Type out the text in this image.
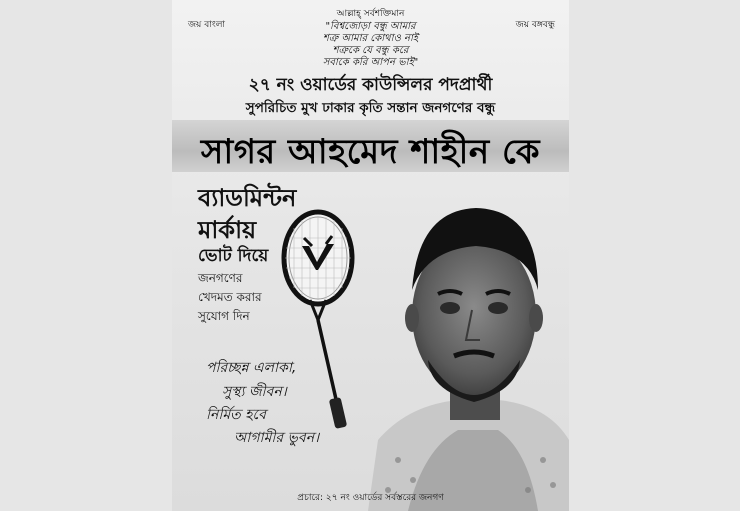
আল্লাহ্‌ সর্বশক্তিমান
জয় বাংলা	জয় বঙ্গবন্ধু
"বিশ্বজোড়া বন্ধু আমার
শত্রু আমার কোথাও নাই
শত্রুকে যে বন্ধু করে
সবাকে করি আপন ভাই"
২৭ নং ওয়ার্ডের কাউন্সিলর পদপ্রার্থী
সুপরিচিত মুখ ঢাকার কৃতি সন্তান জনগণের বন্ধু
সাগর আহমেদ শাহীন কে
ব্যাডমিন্টন
মার্কায়
ভোট দিয়ে
জনগণের
খেদমত করার
সুযোগ দিন
পরিচ্ছন্ন এলাকা,
সুস্থ্য জীবন।
নির্মিত হবে
আগামীর ভুবন।
প্রচারে: ২৭ নং ওয়ার্ডের সর্বস্তরের জনগণ
